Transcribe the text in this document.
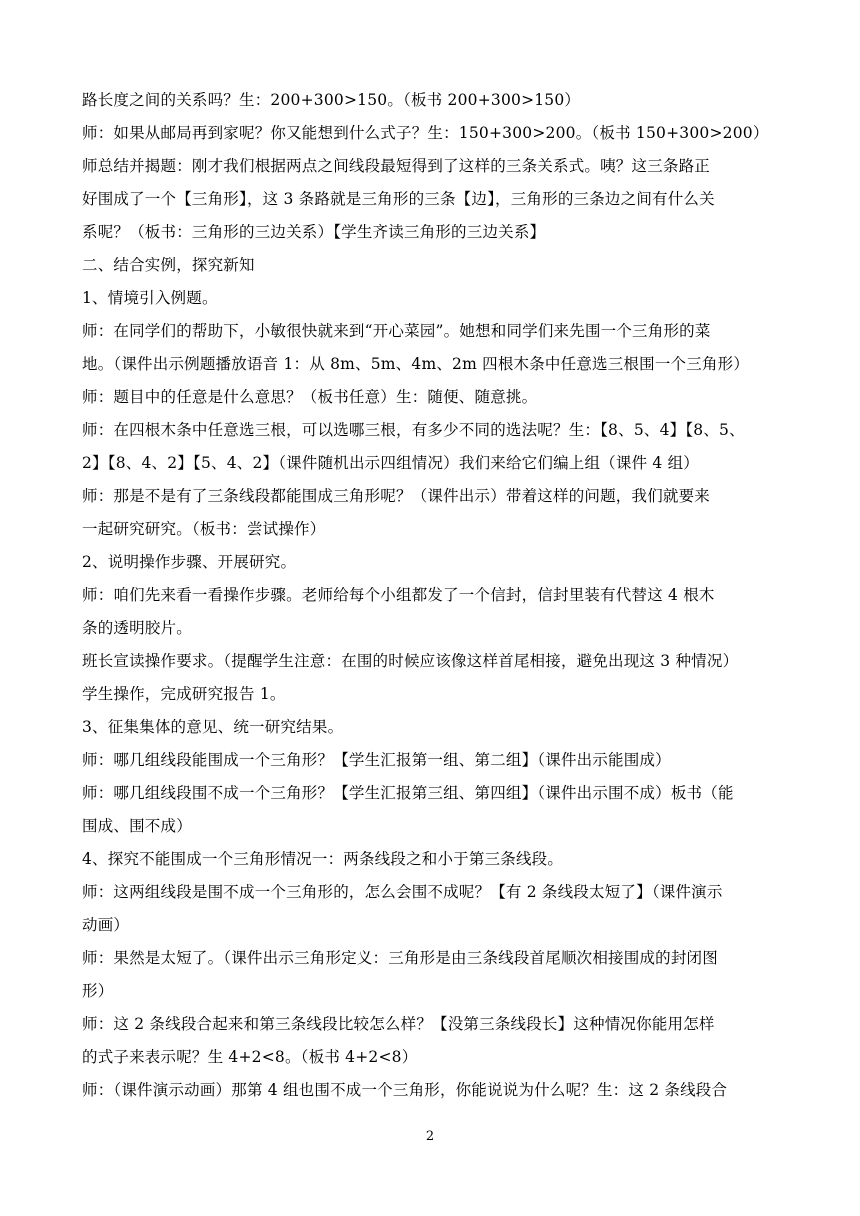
路长度之间的关系吗？生：200+300>150。（板书 200+300>150）
师：如果从邮局再到家呢？你又能想到什么式子？生：150+300>200。（板书 150+300>200）
师总结并揭题：刚才我们根据两点之间线段最短得到了这样的三条关系式。咦？这三条路正
好围成了一个【三角形】，这 3 条路就是三角形的三条【边】，三角形的三条边之间有什么关
系呢？（板书：三角形的三边关系）【学生齐读三角形的三边关系】
二、结合实例，探究新知
1、情境引入例题。
师：在同学们的帮助下，小敏很快就来到“开心菜园”。她想和同学们来先围一个三角形的菜
地。（课件出示例题播放语音 1：从 8m、5m、4m、2m 四根木条中任意选三根围一个三角形）
师：题目中的任意是什么意思？（板书任意）生：随便、随意挑。
师：在四根木条中任意选三根，可以选哪三根，有多少不同的选法呢？生：【8、5、4】【8、5、
2】【8、4、2】【5、4、2】（课件随机出示四组情况）我们来给它们编上组（课件 4 组）
师：那是不是有了三条线段都能围成三角形呢？（课件出示）带着这样的问题，我们就要来
一起研究研究。（板书：尝试操作）
2、说明操作步骤、开展研究。
师：咱们先来看一看操作步骤。老师给每个小组都发了一个信封，信封里装有代替这 4 根木
条的透明胶片。
班长宣读操作要求。（提醒学生注意：在围的时候应该像这样首尾相接，避免出现这 3 种情况）
学生操作，完成研究报告 1。
3、征集集体的意见、统一研究结果。
师：哪几组线段能围成一个三角形？【学生汇报第一组、第二组】（课件出示能围成）
师：哪几组线段围不成一个三角形？【学生汇报第三组、第四组】（课件出示围不成）板书（能
围成、围不成）
4、探究不能围成一个三角形情况一：两条线段之和小于第三条线段。
师：这两组线段是围不成一个三角形的，怎么会围不成呢？【有 2 条线段太短了】（课件演示
动画）
师：果然是太短了。（课件出示三角形定义：三角形是由三条线段首尾顺次相接围成的封闭图
形）
师：这 2 条线段合起来和第三条线段比较怎么样？【没第三条线段长】这种情况你能用怎样
的式子来表示呢？生 4+2<8。（板书 4+2<8）
师：（课件演示动画）那第 4 组也围不成一个三角形，你能说说为什么呢？生：这 2 条线段合
2
